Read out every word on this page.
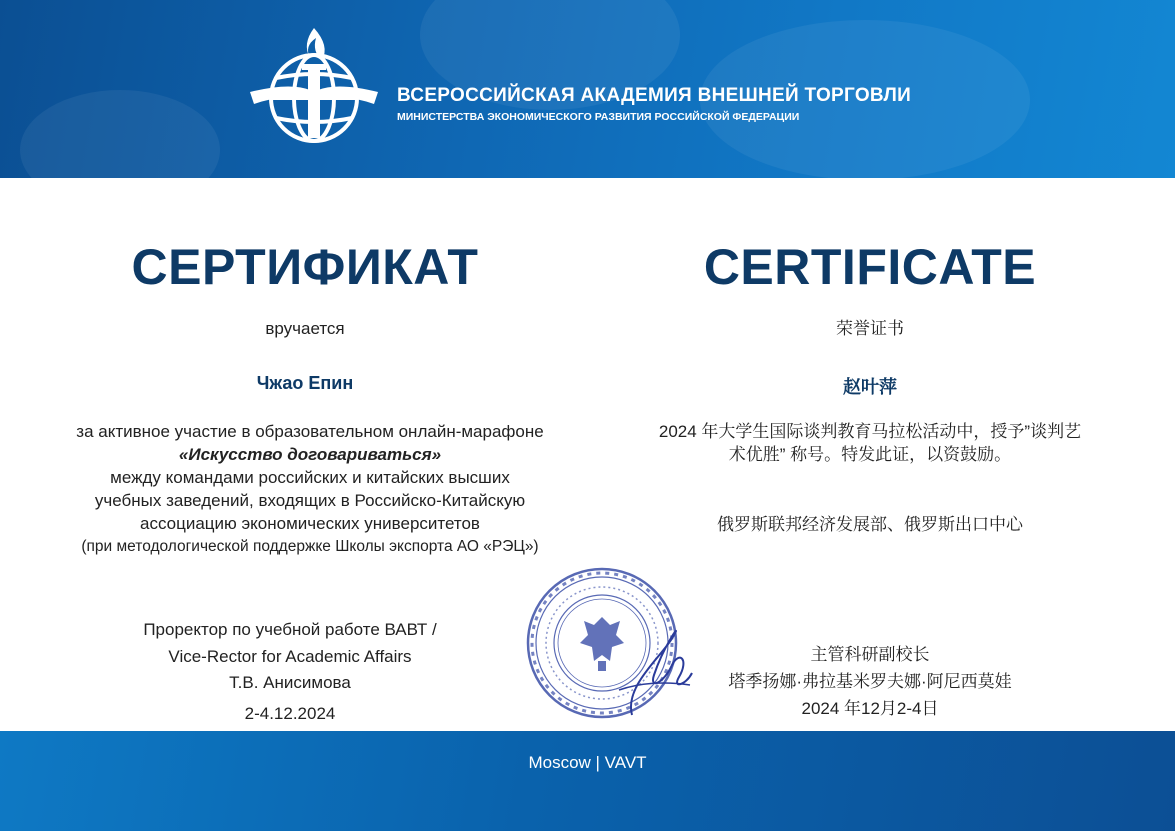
ВСЕРОССИЙСКАЯ АКАДЕМИЯ ВНЕШНЕЙ ТОРГОВЛИ
МИНИСТЕРСТВА ЭКОНОМИЧЕСКОГО РАЗВИТИЯ РОССИЙСКОЙ ФЕДЕРАЦИИ
СЕРТИФИКАТ
вручается
Чжао Епин
за активное участие в образовательном онлайн-марафоне
«Искусство договариваться»
между командами российских и китайских высших
учебных заведений, входящих в Российско-Китайскую
ассоциацию экономических университетов
(при методологической поддержке Школы экспорта АО «РЭЦ»)
Проректор по учебной работе ВАВТ /
Vice-Rector for Academic Affairs
Т.В. Анисимова
2-4.12.2024
CERTIFICATE
荣誉证书
赵叶萍
2024 年大学生国际谈判教育马拉松活动中，授予”谈判艺
术优胜” 称号。特发此证，以资鼓励。
俄罗斯联邦经济发展部、俄罗斯出口中心
主管科研副校长
塔季扬娜·弗拉基米罗夫娜·阿尼西莫娃
2024 年12月2-4日
Moscow | VAVT
